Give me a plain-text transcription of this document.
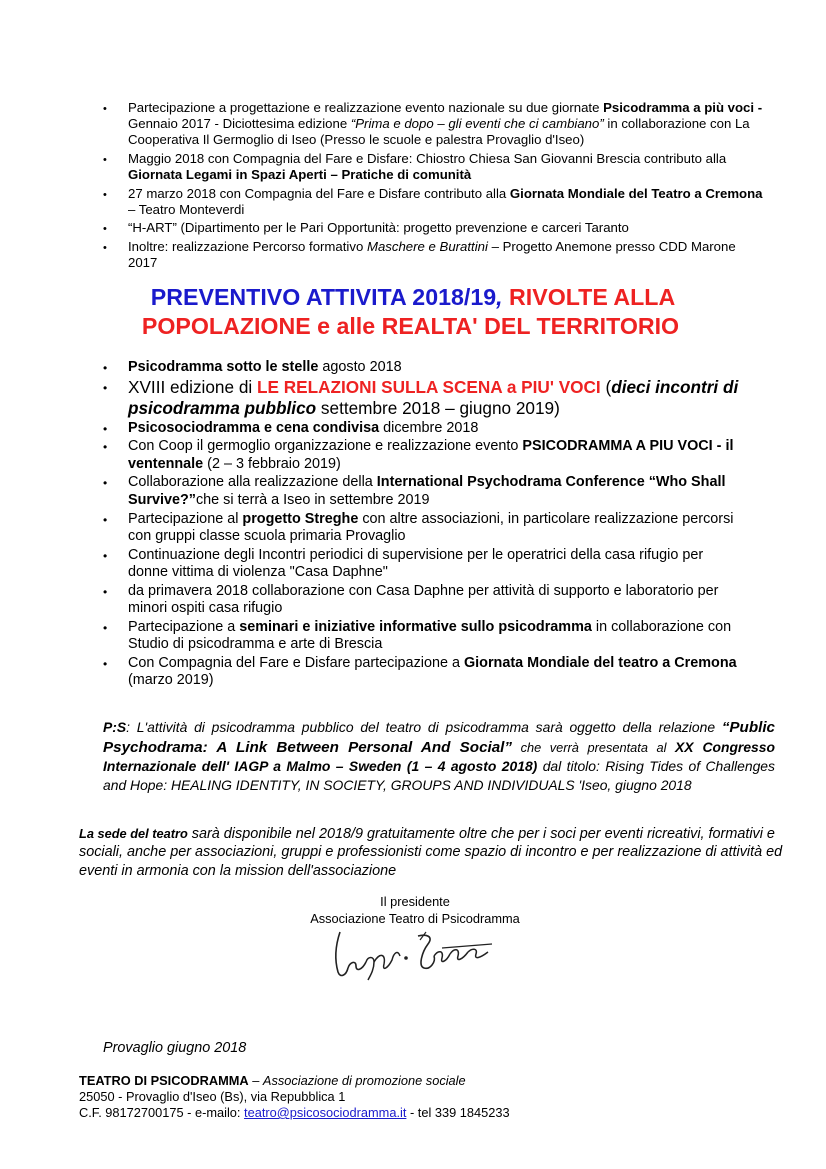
• Partecipazione a progettazione e realizzazione evento nazionale su due giornate Psicodramma a più voci - Gennaio 2017 - Diciottesima edizione “Prima e dopo – gli eventi che ci cambiano” in collaborazione con La Cooperativa Il Germoglio di Iseo (Presso le scuole e palestra Provaglio d'Iseo)
• Maggio 2018 con Compagnia del Fare e Disfare: Chiostro Chiesa San Giovanni Brescia contributo alla Giornata Legami in Spazi Aperti – Pratiche di comunità
• 27 marzo 2018 con Compagnia del Fare e Disfare contributo alla Giornata Mondiale del Teatro a Cremona – Teatro Monteverdi
• “H-ART” (Dipartimento per le Pari Opportunità: progetto prevenzione e carceri Taranto
• Inoltre: realizzazione Percorso formativo Maschere e Burattini – Progetto Anemone presso CDD Marone 2017
PREVENTIVO ATTIVITA 2018/19, RIVOLTE ALLA
POPOLAZIONE e alle REALTA' DEL TERRITORIO
• Psicodramma sotto le stelle agosto 2018
• XVIII edizione di LE RELAZIONI SULLA SCENA a PIU' VOCI (dieci incontri di psicodramma pubblico settembre 2018 – giugno 2019)
• Psicosociodramma e cena condivisa dicembre 2018
• Con Coop il germoglio organizzazione e realizzazione evento PSICODRAMMA A PIU VOCI - il ventennale (2 – 3 febbraio 2019)
• Collaborazione alla realizzazione della International Psychodrama Conference “Who Shall Survive?”che si terrà a Iseo in settembre 2019
• Partecipazione al progetto Streghe con altre associazioni, in particolare realizzazione percorsi con gruppi classe scuola primaria Provaglio
• Continuazione degli Incontri periodici di supervisione per le operatrici della casa rifugio per donne vittima di violenza "Casa Daphne"
• da primavera 2018 collaborazione con Casa Daphne per attività di supporto e laboratorio per minori ospiti casa rifugio
• Partecipazione a seminari e iniziative informative sullo psicodramma in collaborazione con Studio di psicodramma e arte di Brescia
• Con Compagnia del Fare e Disfare partecipazione a Giornata Mondiale del teatro a Cremona (marzo 2019)
P:S: L'attività di psicodramma pubblico del teatro di psicodramma sarà oggetto della relazione “Public Psychodrama: A Link Between Personal And Social” che verrà presentata al XX Congresso Internazionale dell' IAGP a Malmo – Sweden (1 – 4 agosto 2018) dal titolo: Rising Tides of Challenges and Hope: HEALING IDENTITY, IN SOCIETY, GROUPS AND INDIVIDUALS 'Iseo, giugno 2018
La sede del teatro sarà disponibile nel 2018/9 gratuitamente oltre che per i soci per eventi ricreativi, formativi e sociali, anche per associazioni, gruppi e professionisti come spazio di incontro e per realizzazione di attività ed eventi in armonia con la mission dell'associazione
Il presidente
Associazione Teatro di Psicodramma
Provaglio giugno 2018
TEATRO DI PSICODRAMMA – Associazione di promozione sociale
25050 - Provaglio d'Iseo (Bs), via Repubblica 1
C.F. 98172700175 - e-mailo: teatro@psicosociodramma.it - tel 339 1845233
